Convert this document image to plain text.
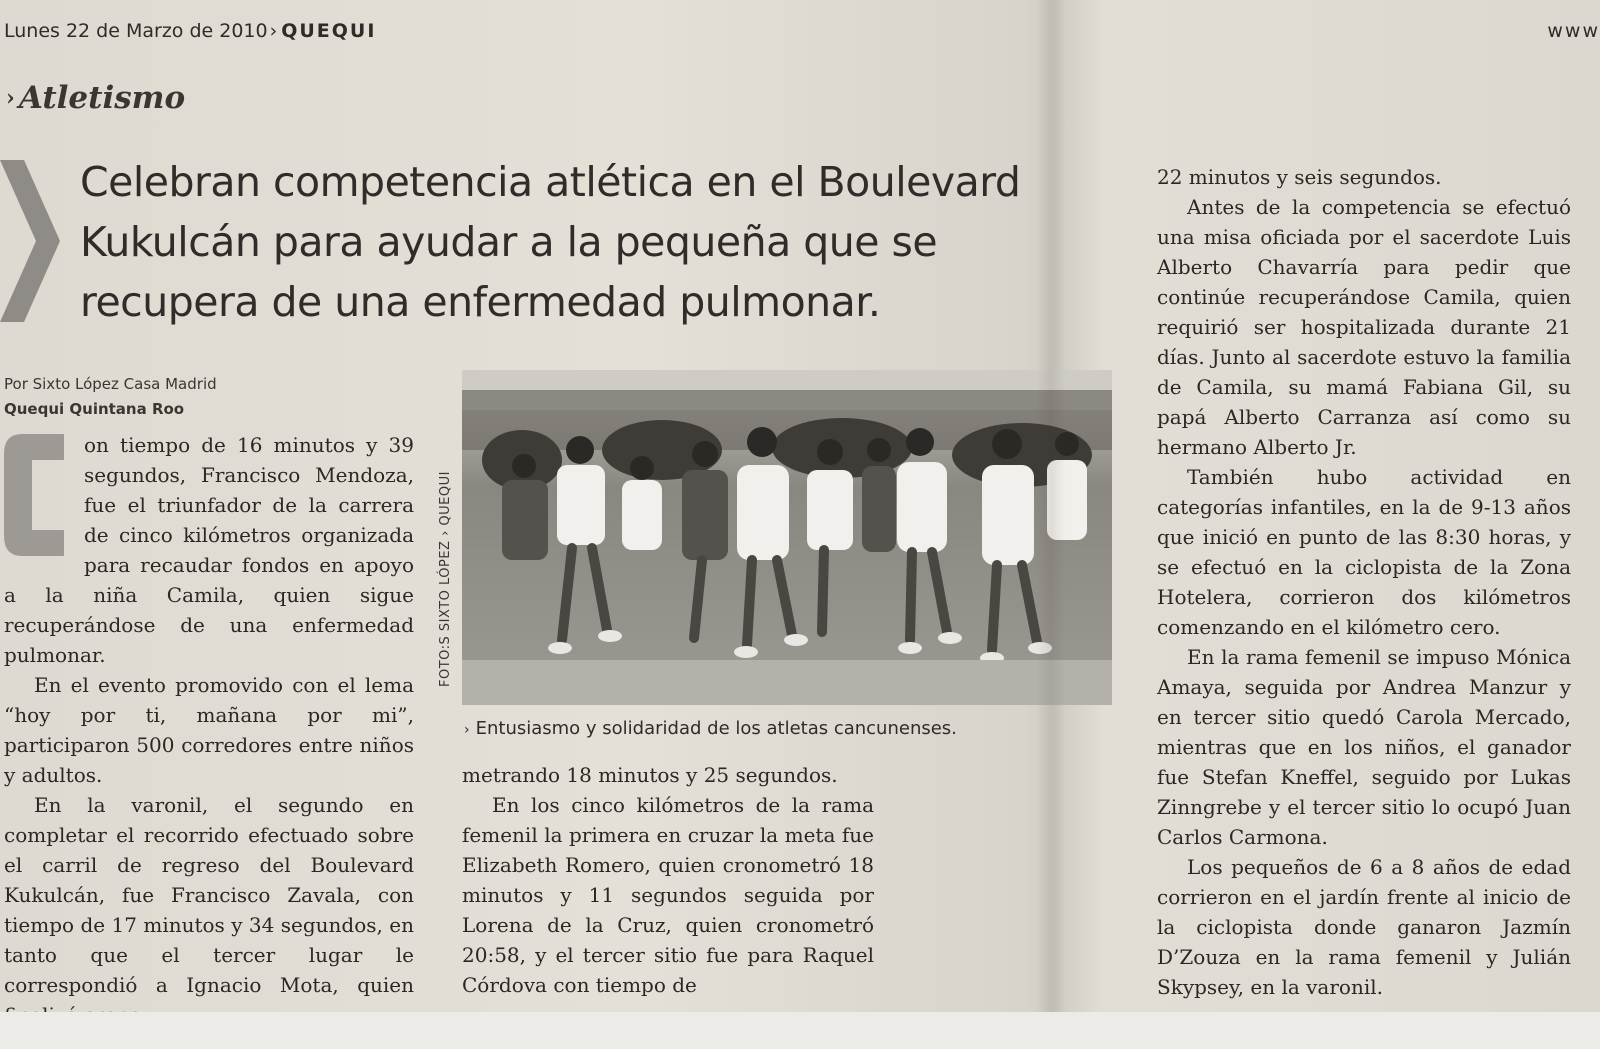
Lunes 22 de Marzo de 2010 › QUEQUI	www
› Atletismo
Celebran competencia atlética en el Boulevard Kukulcán para ayudar a la pequeña que se recupera de una enfermedad pulmonar.
Por Sixto López Casa Madrid
Quequi Quintana Roo

on tiempo de 16 minutos y 39 segundos, Francisco Mendoza, fue el triunfador de la carrera de cinco kilómetros organizada para recaudar fondos en apoyo a la niña Camila, quien sigue recuperándose de una enfermedad pulmonar.

En el evento promovido con el lema “hoy por ti, mañana por mi”, participaron 500 corredores entre niños y adultos.

En la varonil, el segundo en completar el recorrido efectuado sobre el carril de regreso del Boulevard Kukulcán, fue Francisco Zavala, con tiempo de 17 minutos y 34 segundos, en tanto que el tercer lugar le correspondió a Ignacio Mota, quien

FOTO:S SIXTO LÓPEZ › QUEQUI
› Entusiasmo y solidaridad de los atletas cancunenses.

metrando 18 minutos y 25 segundos.

En los cinco kilómetros de la rama femenil la primera en cruzar la meta fue Elizabeth Romero, quien cronometró 18 minutos y 11 segundos seguida por Lorena de la Cruz, quien cronometró 20:58, y el tercer sitio fue para Raquel Córdova con tiempo de

22 minutos y seis segundos.

Antes de la competencia se efectuó una misa oficiada por el sacerdote Luis Alberto Chavarría para pedir que continúe recuperándose Camila, quien requirió ser hospitalizada durante 21 días. Junto al sacerdote estuvo la familia de Camila, su mamá Fabiana Gil, su papá Alberto Carranza así como su hermano Alberto Jr.

También hubo actividad en categorías infantiles, en la de 9-13 años que inició en punto de las 8:30 horas, y se efectuó en la ciclopista de la Zona Hotelera, corrieron dos kilómetros comenzando en el kilómetro cero.

En la rama femenil se impuso Mónica Amaya, seguida por Andrea Manzur y en tercer sitio quedó Carola Mercado, mientras que en los niños, el ganador fue Stefan Kneffel, seguido por Lukas Zinngrebe y el tercer sitio lo ocupó Juan Carlos Carmona.

Los pequeños de 6 a 8 años de edad corrieron en el jardín frente al inicio de la ciclopista donde ganaron Jazmín D’Zouza en la rama femenil y Julián Skypsey, en la varonil.
